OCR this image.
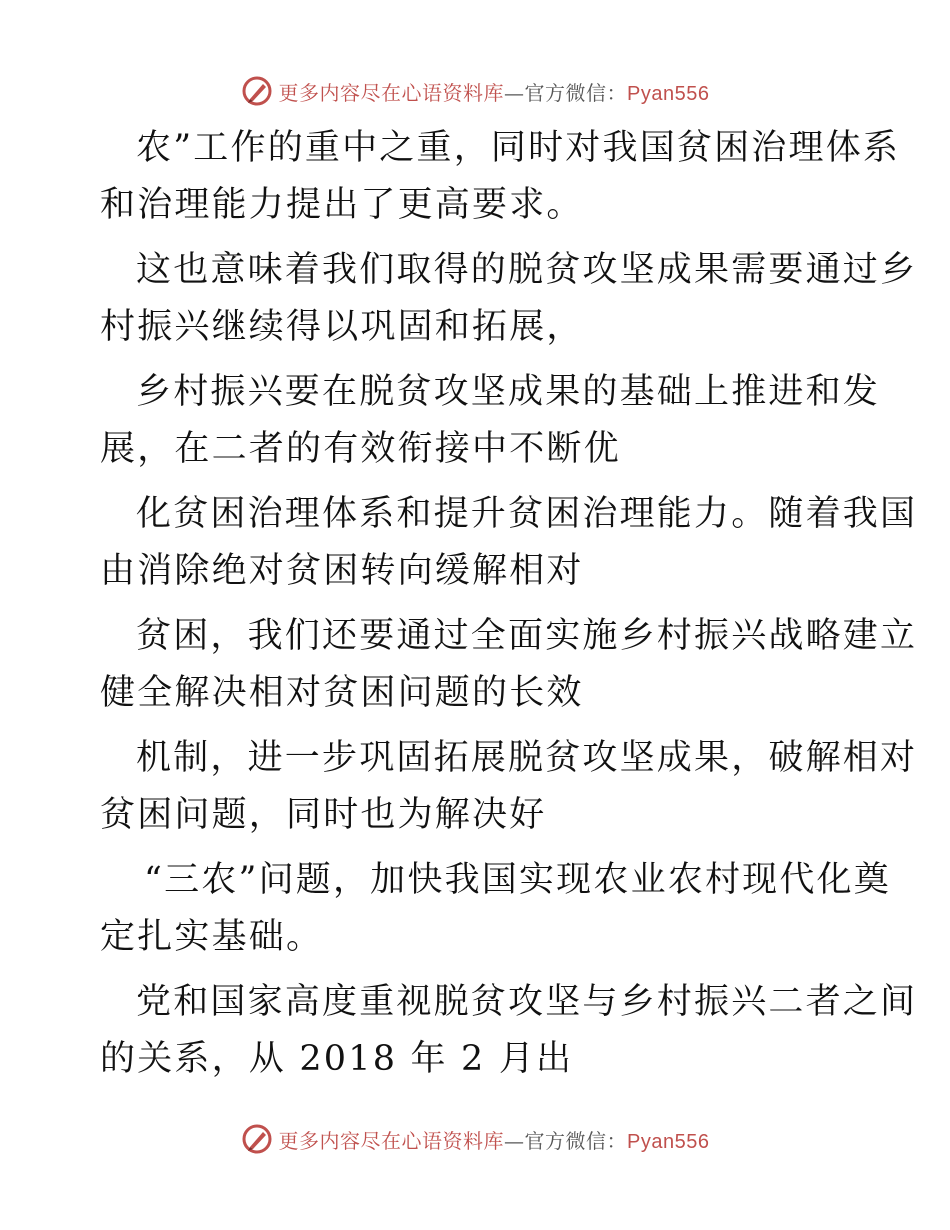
更多内容尽在心语资料库—官方微信：Pyan556
农”工作的重中之重，同时对我国贫困治理体系
和治理能力提出了更高要求。
这也意味着我们取得的脱贫攻坚成果需要通过乡
村振兴继续得以巩固和拓展，
乡村振兴要在脱贫攻坚成果的基础上推进和发
展，在二者的有效衔接中不断优
化贫困治理体系和提升贫困治理能力。随着我国
由消除绝对贫困转向缓解相对
贫困，我们还要通过全面实施乡村振兴战略建立
健全解决相对贫困问题的长效
机制，进一步巩固拓展脱贫攻坚成果，破解相对
贫困问题，同时也为解决好
“三农”问题，加快我国实现农业农村现代化奠
定扎实基础。
党和国家高度重视脱贫攻坚与乡村振兴二者之间
的关系，从 2018 年 2 月出
更多内容尽在心语资料库—官方微信：Pyan556
